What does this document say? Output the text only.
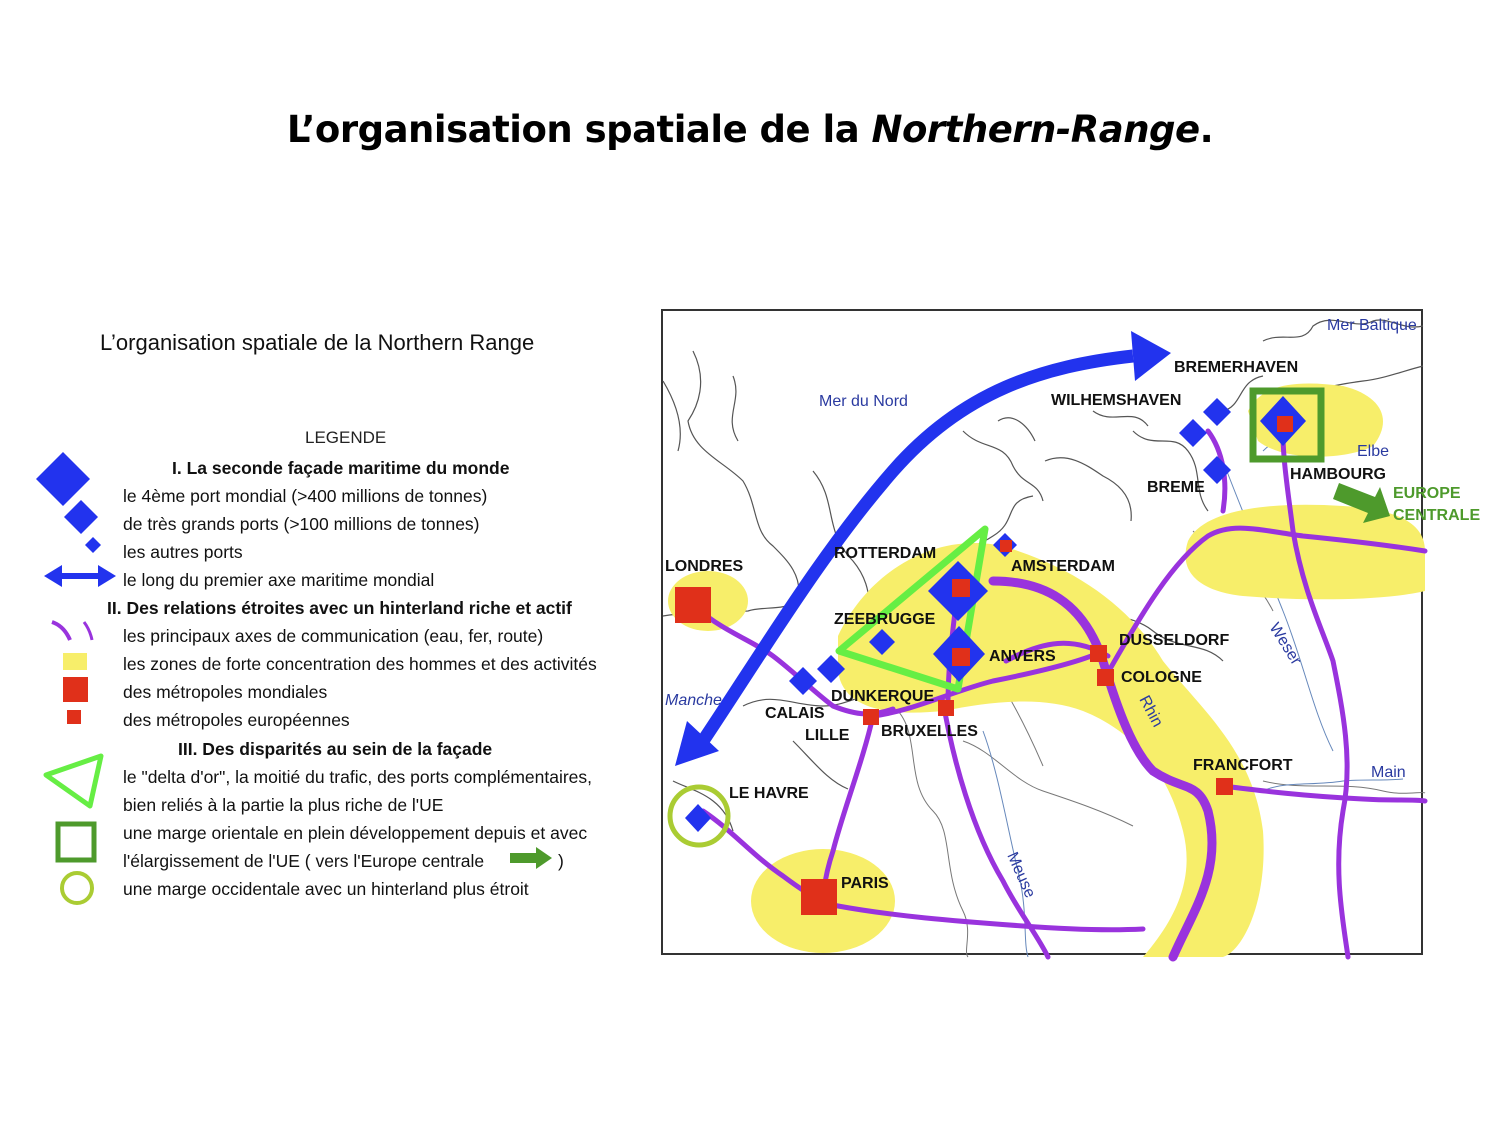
L’organisation spatiale de la Northern-Range.
L’organisation spatiale de la Northern Range
LEGENDE
I. La seconde façade maritime du monde
le 4ème port mondial (>400 millions de tonnes)
de très grands ports (>100 millions de tonnes)
les autres ports
le long du premier axe maritime mondial
II. Des relations étroites avec un hinterland riche et actif
les principaux axes de communication (eau, fer, route)
les zones de forte concentration des hommes et des activités
des métropoles mondiales
des métropoles européennes
III. Des disparités au sein de la façade
le "delta d'or", la moitié du trafic, des ports complémentaires,
bien reliés à la partie la plus riche de l'UE
une marge orientale en plein développement depuis et avec
l'élargissement de l'UE ( vers l'Europe centrale	)
une marge occidentale avec un hinterland plus étroit
Mer du Nord
Mer Baltique
Manche
Elbe
Main
Weser
Rhin
Meuse
BREMERHAVEN
WILHEMSHAVEN
HAMBOURG
BREME
LONDRES
ROTTERDAM
AMSTERDAM
ZEEBRUGGE
ANVERS
DUSSELDORF
COLOGNE
DUNKERQUE
CALAIS
LILLE BRUXELLES
FRANCFORT
LE HAVRE
PARIS
EUROPE
CENTRALE
